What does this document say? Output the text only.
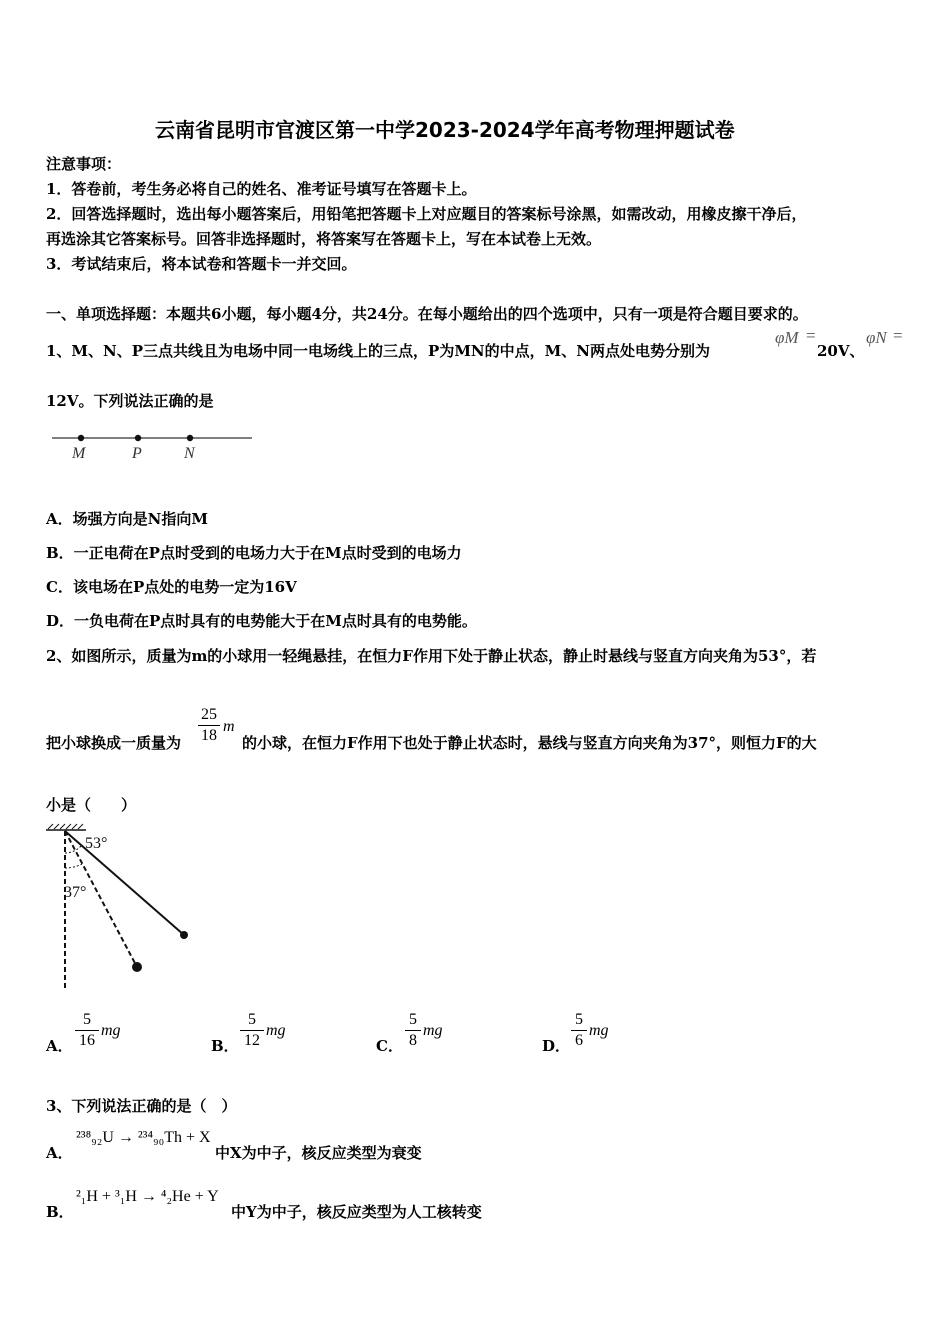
云南省昆明市官渡区第一中学2023-2024学年高考物理押题试卷
注意事项：
1．答卷前，考生务必将自己的姓名、准考证号填写在答题卡上。
2．回答选择题时，选出每小题答案后，用铅笔把答题卡上对应题目的答案标号涂黑，如需改动，用橡皮擦干净后，
再选涂其它答案标号。回答非选择题时，将答案写在答题卡上，写在本试卷上无效。
3．考试结束后，将本试卷和答题卡一并交回。
一、单项选择题：本题共6小题，每小题4分，共24分。在每小题给出的四个选项中，只有一项是符合题目要求的。
1、M、N、P三点共线且为电场中同一电场线上的三点，P为MN的中点，M、N两点处电势分别为
φM =
20V、
φN =
12V。下列说法正确的是
M	P	N
A．场强方向是N指向M
B．一正电荷在P点时受到的电场力大于在M点时受到的电场力
C．该电场在P点处的电势一定为16V
D．一负电荷在P点时具有的电势能大于在M点时具有的电势能。
2、如图所示，质量为m的小球用一轻绳悬挂，在恒力F作用下处于静止状态，静止时悬线与竖直方向夹角为53°，若
把小球换成一质量为
25
18
m
的小球，在恒力F作用下也处于静止状态时，悬线与竖直方向夹角为37°，则恒力F的大
小是（　　）
53°
37°
A．
5
16
mg
B．
5
12
mg
C．
5
8
mg
D．
5
6
mg
3、下列说法正确的是（　）
A．
²³⁸₉₂U → ²³⁴₉₀Th + X
中X为中子，核反应类型为衰变
B．
²₁H + ³₁H → ⁴₂He + Y
中Y为中子，核反应类型为人工核转变
